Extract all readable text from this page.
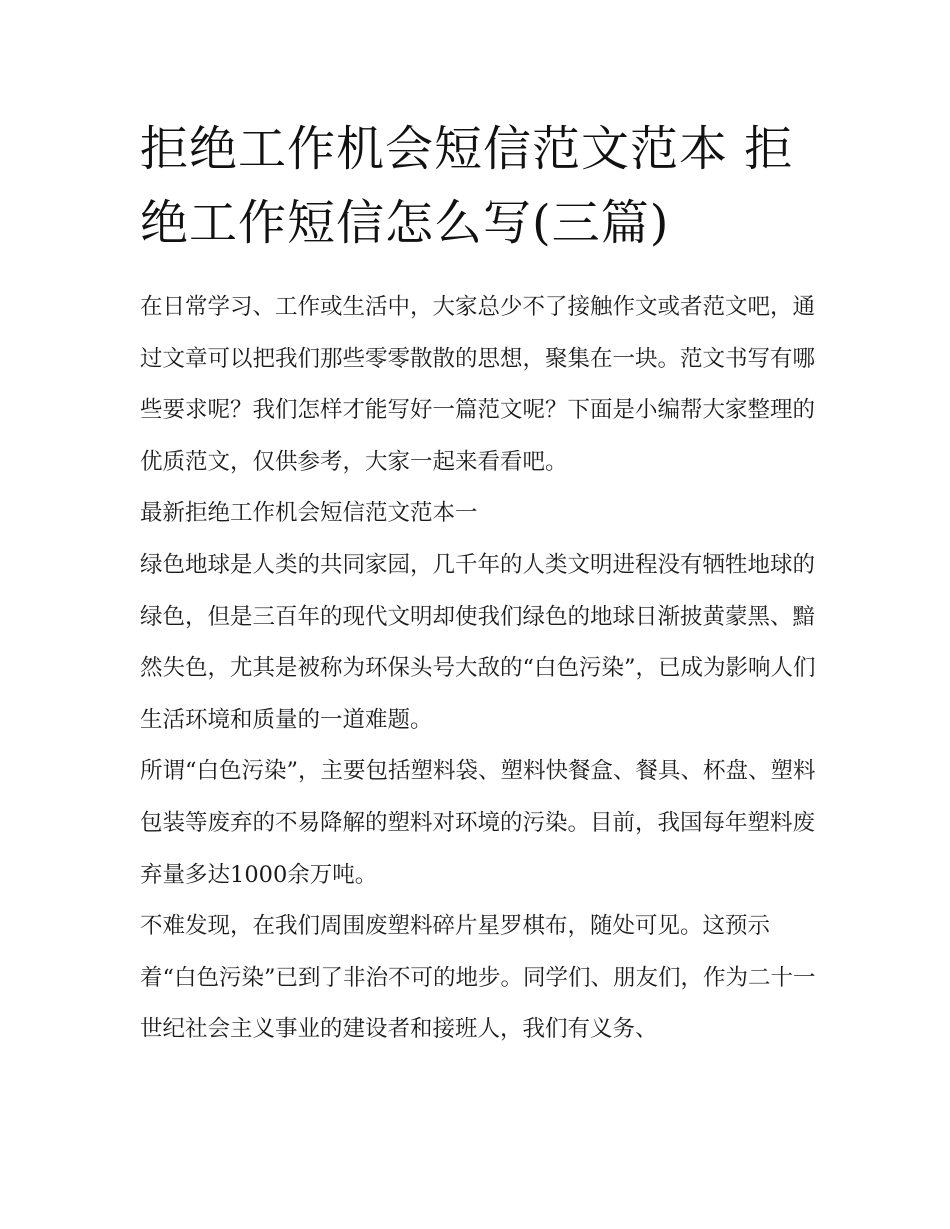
拒绝工作机会短信范文范本 拒绝工作短信怎么写(三篇)

在日常学习、工作或生活中，大家总少不了接触作文或者范文吧，通过文章可以把我们那些零零散散的思想，聚集在一块。范文书写有哪些要求呢？我们怎样才能写好一篇范文呢？下面是小编帮大家整理的优质范文，仅供参考，大家一起来看看吧。

最新拒绝工作机会短信范文范本一

绿色地球是人类的共同家园，几千年的人类文明进程没有牺牲地球的绿色，但是三百年的现代文明却使我们绿色的地球日渐披黄蒙黑、黯然失色，尤其是被称为环保头号大敌的“白色污染”，已成为影响人们生活环境和质量的一道难题。

所谓“白色污染”，主要包括塑料袋、塑料快餐盒、餐具、杯盘、塑料包装等废弃的不易降解的塑料对环境的污染。目前，我国每年塑料废弃量多达1000余万吨。

不难发现，在我们周围废塑料碎片星罗棋布，随处可见。这预示着“白色污染”已到了非治不可的地步。同学们、朋友们，作为二十一世纪社会主义事业的建设者和接班人，我们有义务、
